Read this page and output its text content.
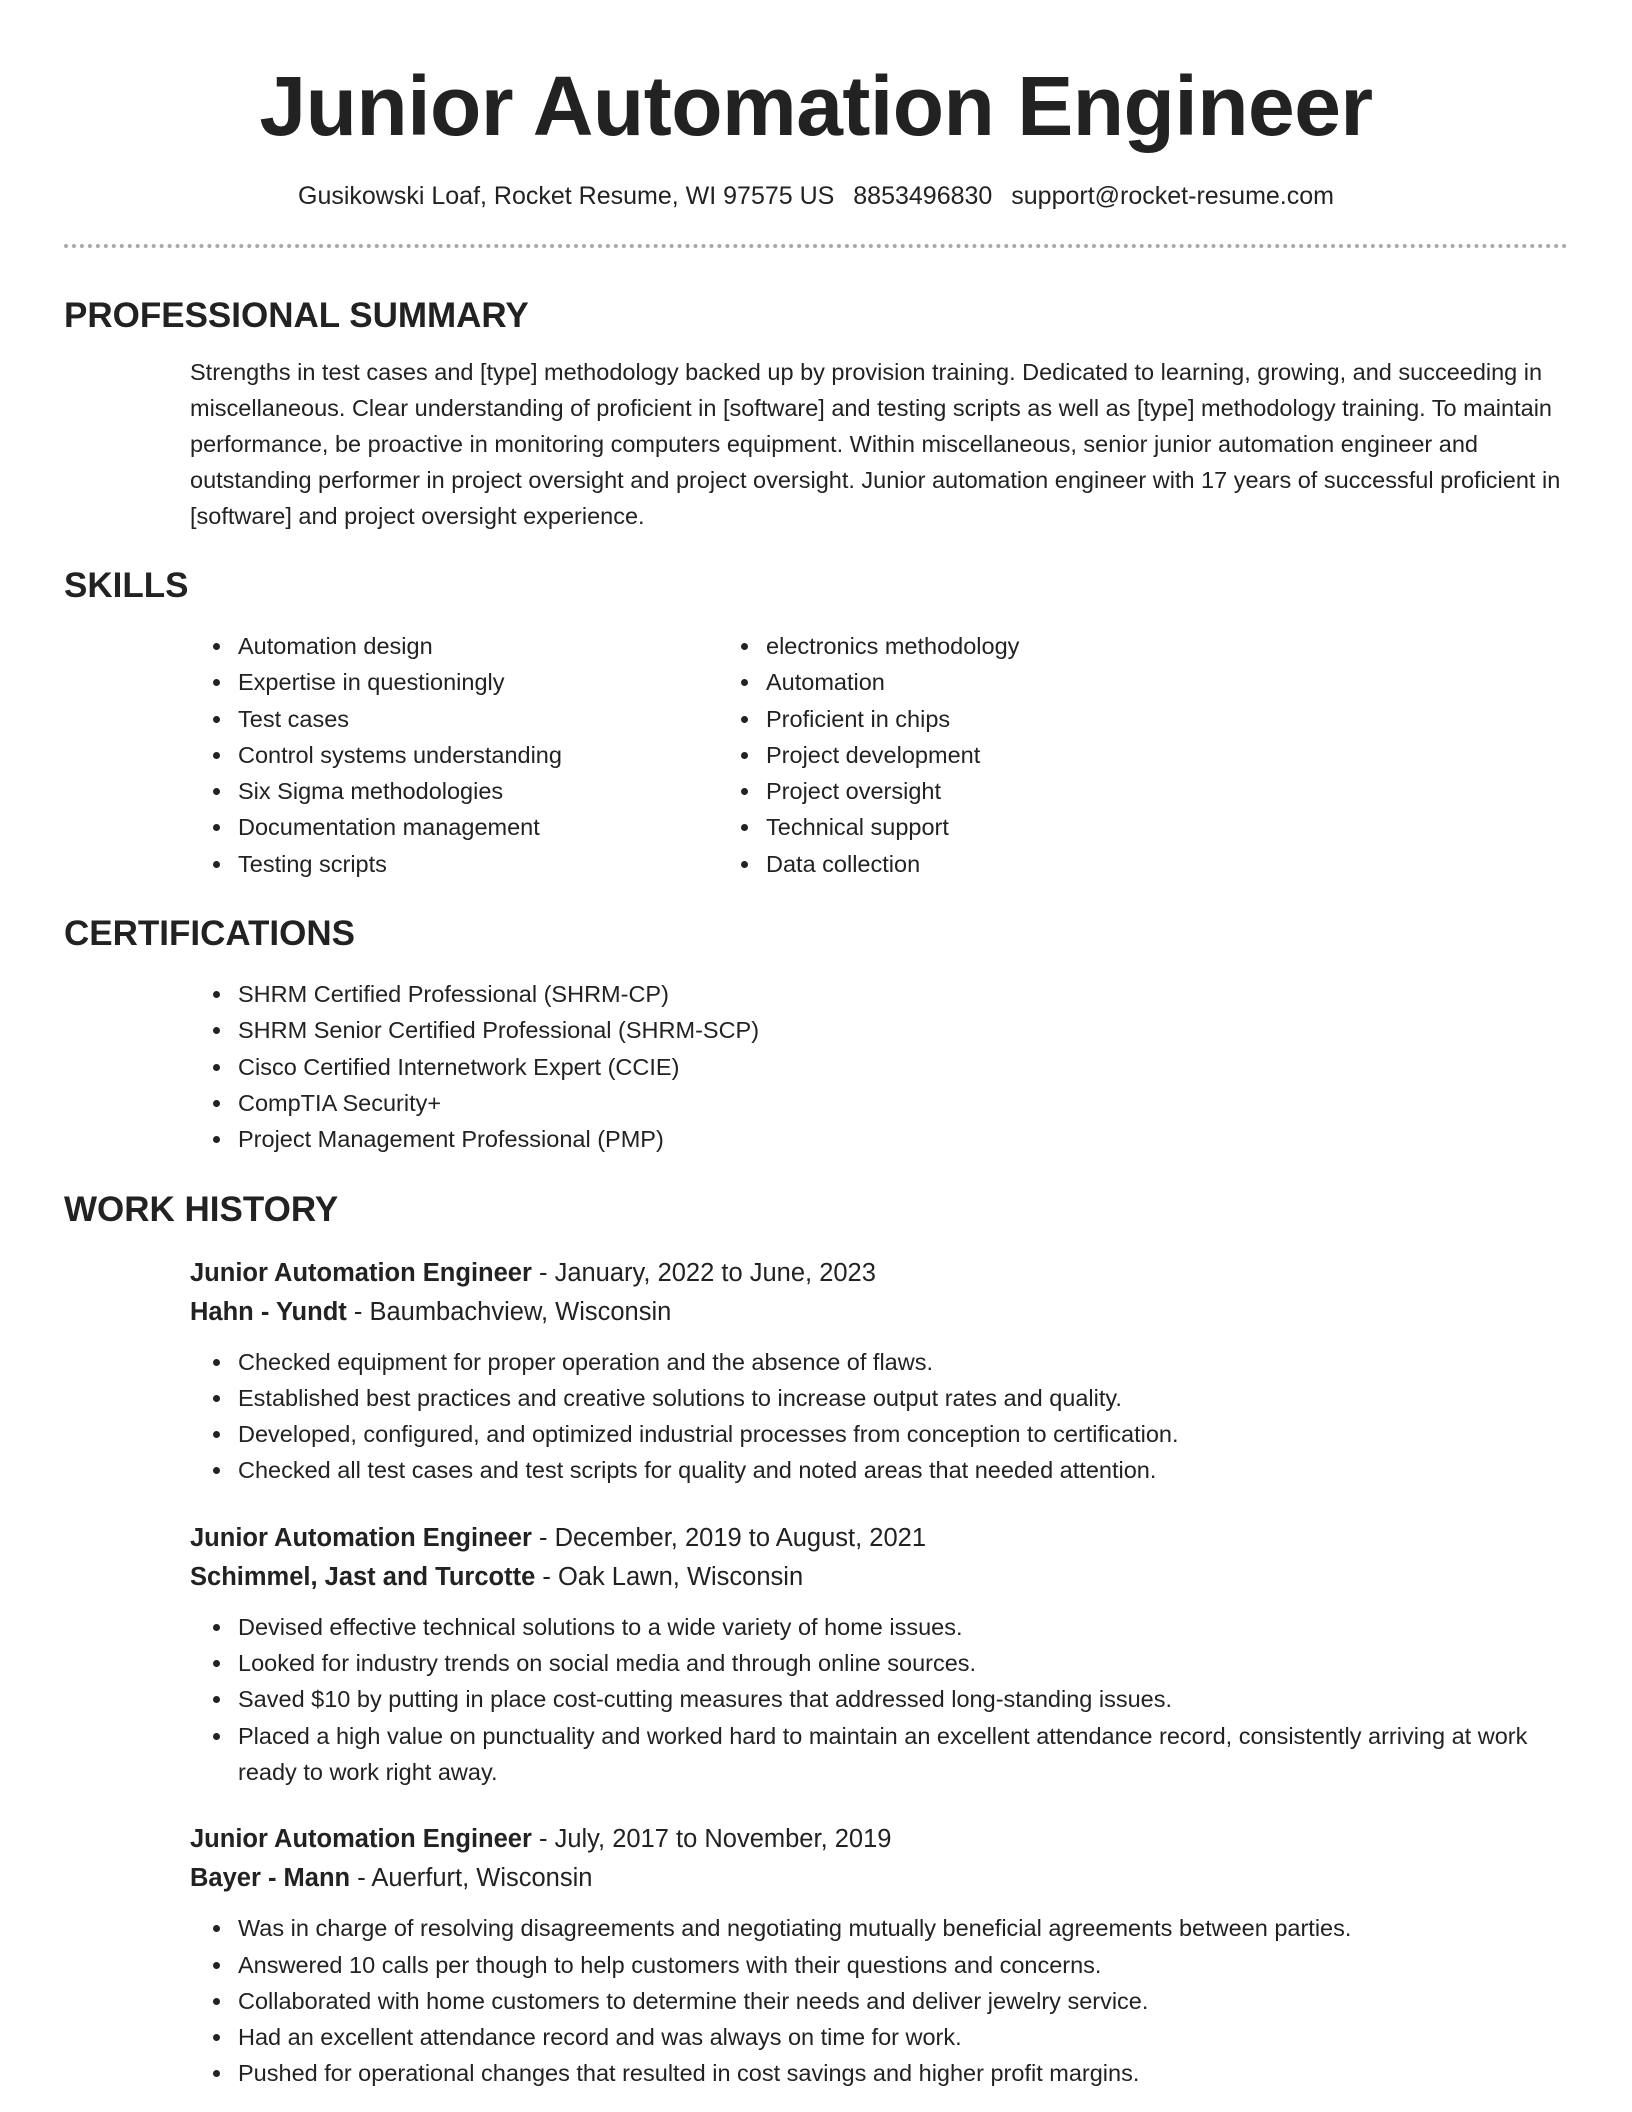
Junior Automation Engineer
Gusikowski Loaf, Rocket Resume, WI 97575 US 8853496830 support@rocket-resume.com
PROFESSIONAL SUMMARY

Strengths in test cases and [type] methodology backed up by provision training. Dedicated to learning, growing, and succeeding in miscellaneous. Clear understanding of proficient in [software] and testing scripts as well as [type] methodology training. To maintain performance, be proactive in monitoring computers equipment. Within miscellaneous, senior junior automation engineer and outstanding performer in project oversight and project oversight. Junior automation engineer with 17 years of successful proficient in [software] and project oversight experience.

SKILLS
• Automation design
• Expertise in questioningly
• Test cases
• Control systems understanding
• Six Sigma methodologies
• Documentation management
• Testing scripts
• electronics methodology
• Automation
• Proficient in chips
• Project development
• Project oversight
• Technical support
• Data collection
CERTIFICATIONS
• SHRM Certified Professional (SHRM-CP)
• SHRM Senior Certified Professional (SHRM-SCP)
• Cisco Certified Internetwork Expert (CCIE)
• CompTIA Security+
• Project Management Professional (PMP)
WORK HISTORY
Junior Automation Engineer - January, 2022 to June, 2023
Hahn - Yundt - Baumbachview, Wisconsin
• Checked equipment for proper operation and the absence of flaws.
• Established best practices and creative solutions to increase output rates and quality.
• Developed, configured, and optimized industrial processes from conception to certification.
• Checked all test cases and test scripts for quality and noted areas that needed attention.
Junior Automation Engineer - December, 2019 to August, 2021
Schimmel, Jast and Turcotte - Oak Lawn, Wisconsin
• Devised effective technical solutions to a wide variety of home issues.
• Looked for industry trends on social media and through online sources.
• Saved $10 by putting in place cost-cutting measures that addressed long-standing issues.
• Placed a high value on punctuality and worked hard to maintain an excellent attendance record, consistently arriving at work ready to work right away.
Junior Automation Engineer - July, 2017 to November, 2019
Bayer - Mann - Auerfurt, Wisconsin
• Was in charge of resolving disagreements and negotiating mutually beneficial agreements between parties.
• Answered 10 calls per though to help customers with their questions and concerns.
• Collaborated with home customers to determine their needs and deliver jewelry service.
• Had an excellent attendance record and was always on time for work.
• Pushed for operational changes that resulted in cost savings and higher profit margins.
